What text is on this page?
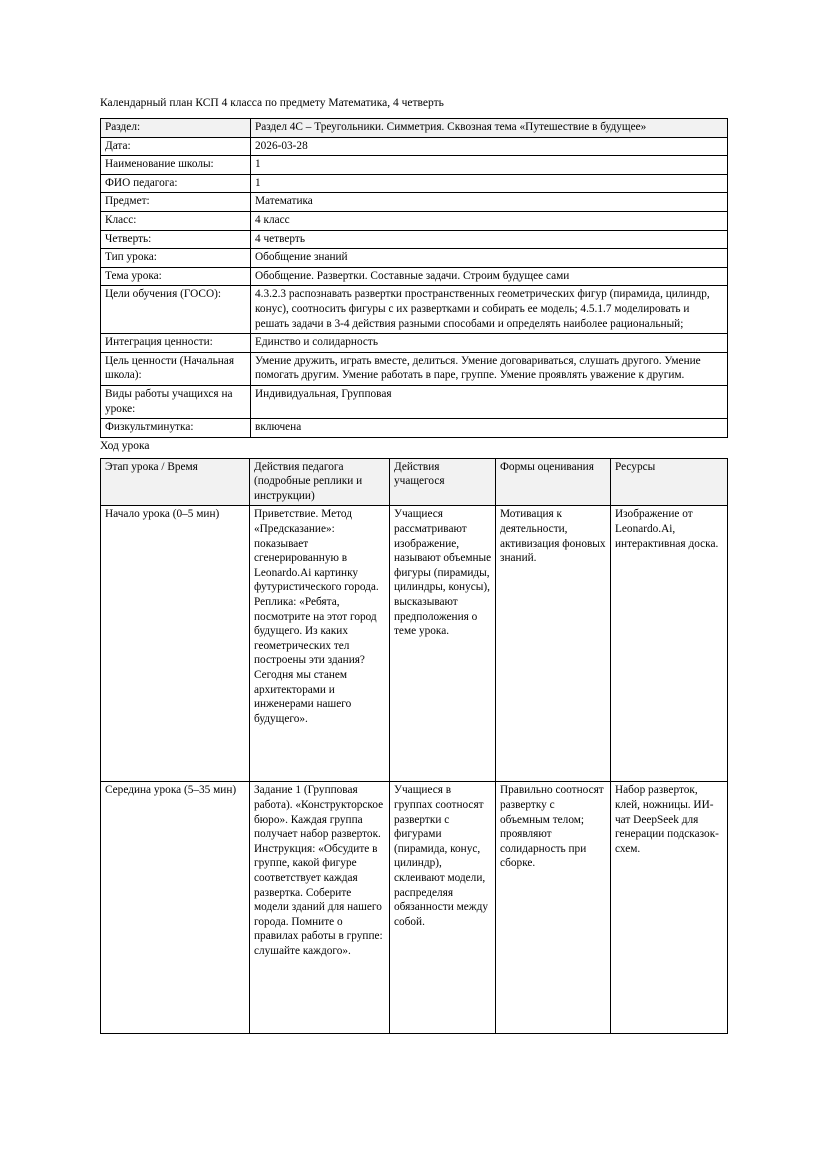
Календарный план КСП 4 класса по предмету Математика, 4 четверть

Раздел:	Раздел 4С – Треугольники. Симметрия. Сквозная тема «Путешествие в будущее»
Дата:	2026-03-28
Наименование школы:	1
ФИО педагога:	1
Предмет:	Математика
Класс:	4 класс
Четверть:	4 четверть
Тип урока:	Обобщение знаний
Тема урока:	Обобщение. Развертки. Составные задачи. Строим будущее сами
Цели обучения (ГОСО):	4.3.2.3 распознавать развертки пространственных геометрических фигур (пирамида, цилиндр, конус), соотносить фигуры с их развертками и собирать ее модель; 4.5.1.7 моделировать и решать задачи в 3-4 действия разными способами и определять наиболее рациональный;
Интеграция ценности:	Единство и солидарность
Цель ценности (Начальная школа):	Умение дружить, играть вместе, делиться. Умение договариваться, слушать другого. Умение помогать другим. Умение работать в паре, группе. Умение проявлять уважение к другим.
Виды работы учащихся на уроке:	Индивидуальная, Групповая
Физкультминутка:	включена

Ход урока

Этап урока / Время	Действия педагога (подробные реплики и инструкции)	Действия учащегося	Формы оценивания	Ресурсы
Начало урока (0–5 мин)	Приветствие. Метод «Предсказание»: показывает сгенерированную в Leonardo.Ai картинку футуристического города. Реплика: «Ребята, посмотрите на этот город будущего. Из каких геометрических тел построены эти здания? Сегодня мы станем архитекторами и инженерами нашего будущего».	Учащиеся рассматривают изображение, называют объемные фигуры (пирамиды, цилиндры, конусы), высказывают предположения о теме урока.	Мотивация к деятельности, активизация фоновых знаний.	Изображение от Leonardo.Ai, интерактивная доска.
Середина урока (5–35 мин)	Задание 1 (Групповая работа). «Конструкторское бюро». Каждая группа получает набор разверток. Инструкция: «Обсудите в группе, какой фигуре соответствует каждая развертка. Соберите модели зданий для нашего города. Помните о правилах работы в группе: слушайте каждого».	Учащиеся в группах соотносят развертки с фигурами (пирамида, конус, цилиндр), склеивают модели, распределяя обязанности между собой.	Правильно соотносят развертку с объемным телом; проявляют солидарность при сборке.	Набор разверток, клей, ножницы. ИИ-чат DeepSeek для генерации подсказок-схем.
